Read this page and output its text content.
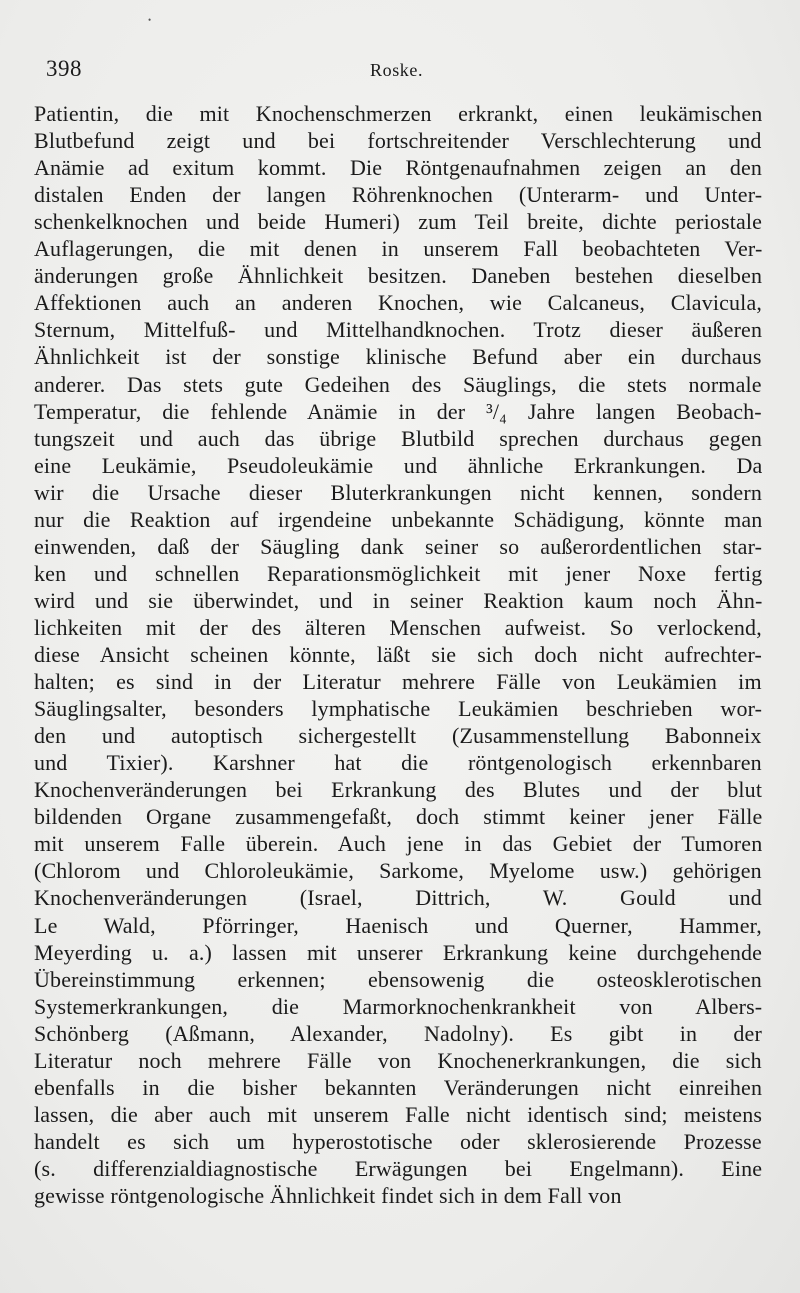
•
398	Roske.
Patientin, die mit Knochenschmerzen erkrankt, einen leukämischen
Blutbefund zeigt und bei fortschreitender Verschlechterung und
Anämie ad exitum kommt. Die Röntgenaufnahmen zeigen an den
distalen Enden der langen Röhrenknochen (Unterarm- und Unter-
schenkelknochen und beide Humeri) zum Teil breite, dichte periostale
Auflagerungen, die mit denen in unserem Fall beobachteten Ver-
änderungen große Ähnlichkeit besitzen. Daneben bestehen dieselben
Affektionen auch an anderen Knochen, wie Calcaneus, Clavicula,
Sternum, Mittelfuß- und Mittelhandknochen. Trotz dieser äußeren
Ähnlichkeit ist der sonstige klinische Befund aber ein durchaus
anderer. Das stets gute Gedeihen des Säuglings, die stets normale
Temperatur, die fehlende Anämie in der ³/₄ Jahre langen Beobach-
tungszeit und auch das übrige Blutbild sprechen durchaus gegen
eine Leukämie, Pseudoleukämie und ähnliche Erkrankungen. Da
wir die Ursache dieser Bluterkrankungen nicht kennen, sondern
nur die Reaktion auf irgendeine unbekannte Schädigung, könnte man
einwenden, daß der Säugling dank seiner so außerordentlichen star-
ken und schnellen Reparationsmöglichkeit mit jener Noxe fertig
wird und sie überwindet, und in seiner Reaktion kaum noch Ähn-
lichkeiten mit der des älteren Menschen aufweist. So verlockend,
diese Ansicht scheinen könnte, läßt sie sich doch nicht aufrechter-
halten; es sind in der Literatur mehrere Fälle von Leukämien im
Säuglingsalter, besonders lymphatische Leukämien beschrieben wor-
den und autoptisch sichergestellt (Zusammenstellung Babonneix
und Tixier). Karshner hat die röntgenologisch erkennbaren
Knochenveränderungen bei Erkrankung des Blutes und der blut
bildenden Organe zusammengefaßt, doch stimmt keiner jener Fälle
mit unserem Falle überein. Auch jene in das Gebiet der Tumoren
(Chlorom und Chloroleukämie, Sarkome, Myelome usw.) gehörigen
Knochenveränderungen (Israel, Dittrich, W. Gould und
Le Wald, Pförringer, Haenisch und Querner, Hammer,
Meyerding u. a.) lassen mit unserer Erkrankung keine durchgehende
Übereinstimmung erkennen; ebensowenig die osteosklerotischen
Systemerkrankungen, die Marmorknochenkrankheit von Albers-
Schönberg (Aßmann, Alexander, Nadolny). Es gibt in der
Literatur noch mehrere Fälle von Knochenerkrankungen, die sich
ebenfalls in die bisher bekannten Veränderungen nicht einreihen
lassen, die aber auch mit unserem Falle nicht identisch sind; meistens
handelt es sich um hyperostotische oder sklerosierende Prozesse
(s. differenzialdiagnostische Erwägungen bei Engelmann). Eine
gewisse röntgenologische Ähnlichkeit findet sich in dem Fall von
